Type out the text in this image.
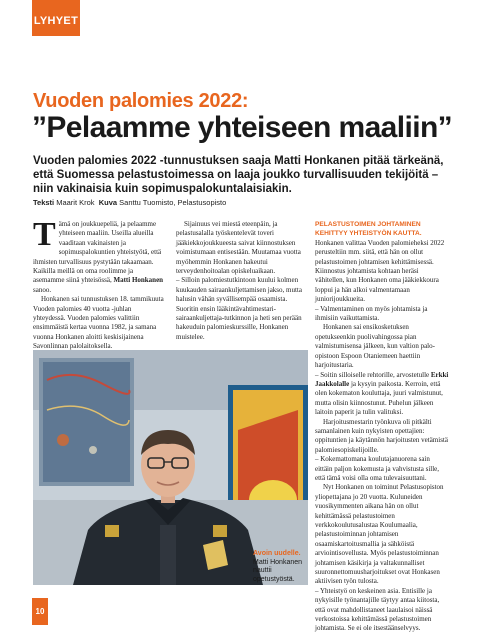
LYHYET
Vuoden palomies 2022:
”Pelaamme yhteiseen maaliin”
Vuoden palomies 2022 -tunnustuksen saaja Matti Honkanen pitää tärkeänä, että Suomessa pelastustoimessa on laaja joukko turvallisuuden tekijöitä – niin vakinaisia kuin sopimuspalokuntalaisiakin.
Teksti Maarit Krok Kuva Santtu Tuomisto, Pelastusopisto

Tämä on joukkuepeliä, ja pelaamme yhteiseen maaliin. Useilla alueilla vaaditaan vakinaisten ja sopimuspalokuntien yhteistyötä, että ihmisten turvallisuus pystytään takaamaan. Kaikilla meillä on oma roolimme ja asemamme siinä yhteisössä, Matti Honkanen sanoo.

Honkanen sai tunnustuksen 18. tammikuuta Vuoden palomies 40 vuotta -juhlan yhteydessä. Vuoden palomies valittiin ensimmäistä kertaa vuonna 1982, ja samana vuonna Honkanen aloitti keskisijainena Savonlinnan palolaitoksella.

Sijainuus vei miestä eteenpäin, ja pelastusalalla työskentelevät toveri jääkiekkojoukkueesta saivat kiinnostuksen voimistumaan entisestään. Muutamaa vuotta myöhemmin Honkanen hakeutui terveydenhoitoalan opiskeluaikaan.

– Silloin palomiestutkintoon kuului kolmen kuukauden sairaankuljettamisen jakso, mutta halusin vähän syvällisempää osaamista. Suoritin ensin lääkintävahtimestari-sairaankuljettaja-tutkinnon ja heti sen perään hakeuduin palomieskurssille, Honkanen muistelee.

PELASTUSTOIMEN JOHTAMINEN KEHITTYY YHTEISTYÖN KAUTTA. Honkanen valittaa Vuoden palomieheksi 2022 perusteltiin mm. siitä, että hän on ollut pelastustoimen johtamisen kehittämisessä. Kiinnostus johtamista kohtaan heräsi vähitellen, kun Honkanen oma jääkiekkoura loppui ja hän alkoi valmentamaan juniorijoukkueita.

– Valmentaminen on myös johtamista ja ihmisiin vaikuttamista.

Honkanen sai ensikosketuksen opetukseenkin puolivahingossa pian valmistumisensa jälkeen, kun valtion palo-opistoon Espoon Otaniemeen haettiin harjoitustaria.

– Soitin silloiselle rehtorille, arvostetulle Erkki Jaakkolalle ja kysyin paikosta. Kerroin, että olen kokematon kouluttaja, juuri valmistunut, mutta olisin kiinnostunut. Puhelun jälkeen laitoin paperit ja tulin valituksi.

Harjoitusmestarin työnkuva oli pitkälti samanlainen kuin nykyisten opettajien: oppituntien ja käytännön harjoitusten vetämistä palomiesopiskelijoille.

– Kokemattomana koulutajanuorena sain eittäin paljon kokemusta ja vahvistusta sille, että tämä voisi olla oma tulevaisuuttani.

Nyt Honkanen on toiminut Pelastusopiston yliopettajana jo 20 vuotta. Kuluneiden vuosikymmenten aikana hän on ollut kehittämässä pelastustoimen verkkokoulutusalustaa Koulumaalia, pelastustoiminnan johtamisen osaamiskartoitusmallia ja sähköistä arviointisovellusta. Myös pelastustoiminnan johtamisen käsikirja ja valtakunnalliset suuronnettomuusharjoitukset ovat Honkasen aktiivisen työn tulosta.

– Yhteistyö on keskeinen asia. Entisille ja nykyisille työnantajille täytyy antaa kiitosta, että ovat mahdollistaneet laaulaisoi näissä verkostoissa kehittämässä pelastustoimen johtamista. Se ei ole itsestäänselvyys.

Avoin uudelle. Matti Honkanen nauttii opetustyöstä.
10
